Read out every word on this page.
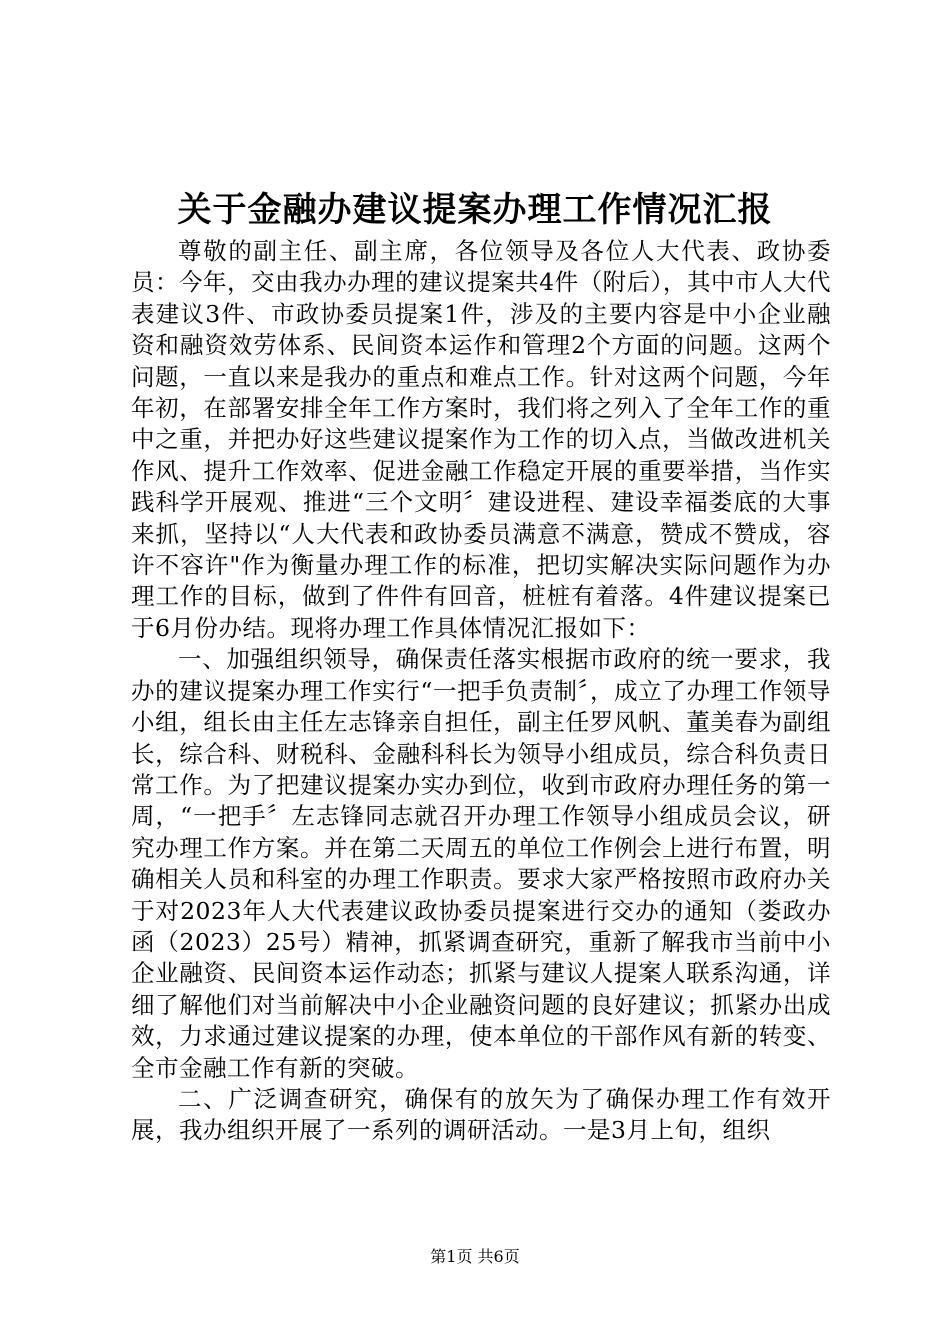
关于金融办建议提案办理工作情况汇报

尊敬的副主任、副主席，各位领导及各位人大代表、政协委员：今年，交由我办办理的建议提案共4件（附后），其中市人大代表建议3件、市政协委员提案1件，涉及的主要内容是中小企业融资和融资效劳体系、民间资本运作和管理2个方面的问题。这两个问题，一直以来是我办的重点和难点工作。针对这两个问题，今年年初，在部署安排全年工作方案时，我们将之列入了全年工作的重中之重，并把办好这些建议提案作为工作的切入点，当做改进机关作风、提升工作效率、促进金融工作稳定开展的重要举措，当作实践科学开展观、推进“三个文明〞建设进程、建设幸福娄底的大事来抓，坚持以“人大代表和政协委员满意不满意，赞成不赞成，容许不容许"作为衡量办理工作的标准，把切实解决实际问题作为办理工作的目标，做到了件件有回音，桩桩有着落。4件建议提案已于6月份办结。现将办理工作具体情况汇报如下：

一、加强组织领导，确保责任落实根据市政府的统一要求，我办的建议提案办理工作实行“一把手负责制〞，成立了办理工作领导小组，组长由主任左志锋亲自担任，副主任罗风帆、董美春为副组长，综合科、财税科、金融科科长为领导小组成员，综合科负责日常工作。为了把建议提案办实办到位，收到市政府办理任务的第一周，“一把手〞左志锋同志就召开办理工作领导小组成员会议，研究办理工作方案。并在第二天周五的单位工作例会上进行布置，明确相关人员和科室的办理工作职责。要求大家严格按照市政府办关于对2023年人大代表建议政协委员提案进行交办的通知（娄政办函（2023）25号）精神，抓紧调查研究，重新了解我市当前中小企业融资、民间资本运作动态；抓紧与建议人提案人联系沟通，详细了解他们对当前解决中小企业融资问题的良好建议；抓紧办出成效，力求通过建议提案的办理，使本单位的干部作风有新的转变、全市金融工作有新的突破。

二、广泛调查研究，确保有的放矢为了确保办理工作有效开展，我办组织开展了一系列的调研活动。一是3月上旬，组织

第1页 共6页
